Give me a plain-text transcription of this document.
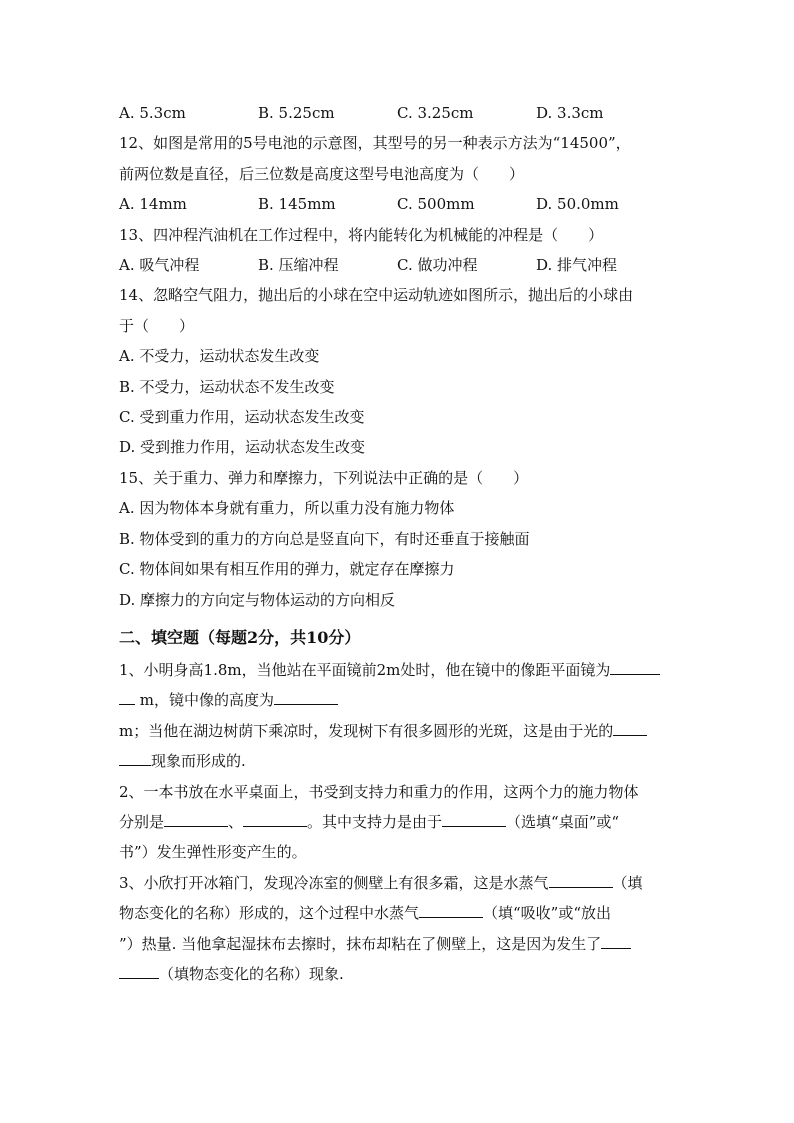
A. 5.3cm	B. 5.25cm	C. 3.25cm	D. 3.3cm
12、如图是常用的5号电池的示意图，其型号的另一种表示方法为“14500”，
前两位数是直径，后三位数是高度这型号电池高度为（　　）
A. 14mm	B. 145mm	C. 500mm	D. 50.0mm
13、四冲程汽油机在工作过程中，将内能转化为机械能的冲程是（　　）
A. 吸气冲程	B. 压缩冲程	C. 做功冲程	D. 排气冲程
14、忽略空气阻力，抛出后的小球在空中运动轨迹如图所示，抛出后的小球由
于（　　）
A. 不受力，运动状态发生改变
B. 不受力，运动状态不发生改变
C. 受到重力作用，运动状态发生改变
D. 受到推力作用，运动状态发生改变
15、关于重力、弹力和摩擦力，下列说法中正确的是（　　）
A. 因为物体本身就有重力，所以重力没有施力物体
B. 物体受到的重力的方向总是竖直向下，有时还垂直于接触面
C. 物体间如果有相互作用的弹力，就定存在摩擦力
D. 摩擦力的方向定与物体运动的方向相反
二、填空题（每题2分，共10分）
1、小明身高1.8m，当他站在平面镜前2m处时，他在镜中的像距平面镜为
m，镜中像的高度为
m；当他在湖边树荫下乘凉时，发现树下有很多圆形的光斑，这是由于光的
现象而形成的.
2、一本书放在水平桌面上，书受到支持力和重力的作用，这两个力的施力物体
分别是	、	。其中支持力是由于	（选填“桌面”或“
书”）发生弹性形变产生的。
3、小欣打开冰箱门，发现冷冻室的侧壁上有很多霜，这是水蒸气	（填
物态变化的名称）形成的，这个过程中水蒸气	（填“吸收”或“放出
”）热量. 当他拿起湿抹布去擦时，抹布却粘在了侧壁上，这是因为发生了
（填物态变化的名称）现象.
